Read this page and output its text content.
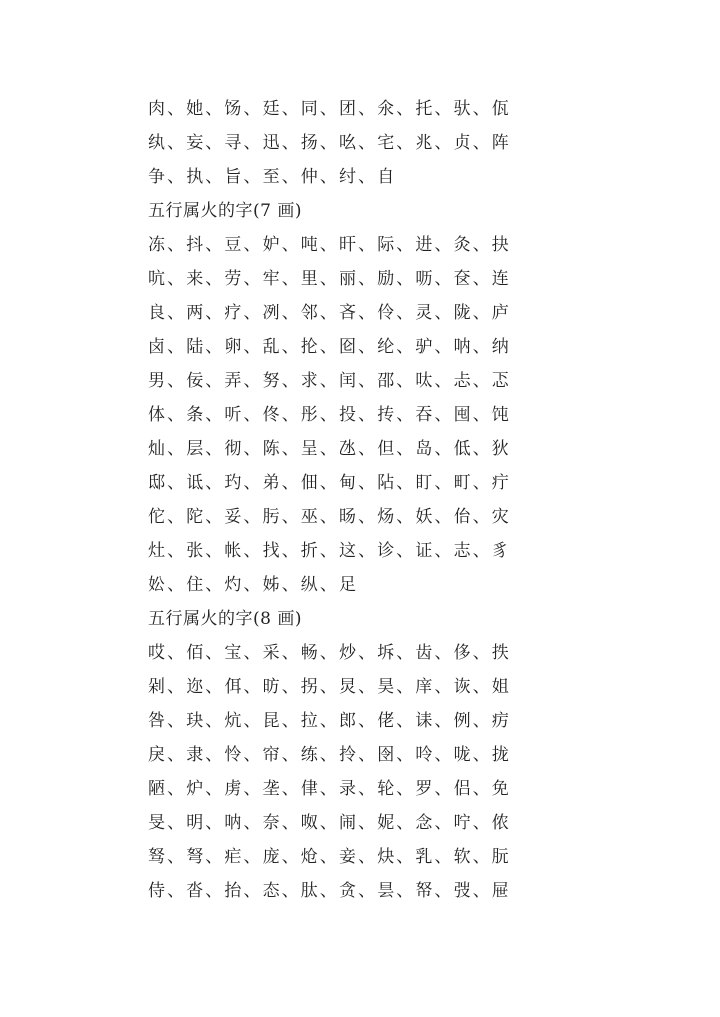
肉、她、饧、廷、同、团、氽、托、驮、佤
纨、妄、寻、迅、扬、吆、宅、兆、贞、阵
争、执、旨、至、仲、纣、自
五行属火的字(7 画)
冻、抖、豆、妒、吨、旰、际、进、灸、抉
吭、来、劳、牢、里、丽、励、呖、奁、连
良、两、疗、冽、邻、吝、伶、灵、陇、庐
卤、陆、卵、乱、抡、囵、纶、驴、呐、纳
男、佞、弄、努、求、闰、邵、呔、忐、忑
体、条、听、佟、彤、投、抟、吞、囤、饨
灿、层、彻、陈、呈、氹、但、岛、低、狄
邸、诋、玓、弟、佃、甸、阽、盯、町、疔
佗、陀、妥、肟、巫、旸、炀、妖、佁、灾
灶、张、帐、找、折、这、诊、证、志、豸
妐、住、灼、姊、纵、足
五行属火的字(8 画)
哎、佰、宝、采、畅、炒、坼、齿、侈、抶
剁、迩、佴、昉、拐、炅、昊、庠、诙、姐
咎、玦、炕、昆、拉、郎、佬、诔、例、疠
戾、隶、怜、帘、练、拎、囹、呤、咙、拢
陋、炉、虏、垄、侓、录、轮、罗、侣、免
旻、明、呐、奈、呶、闹、妮、念、咛、侬
驽、弩、疟、庞、炝、妾、炔、乳、软、朊
侍、沓、抬、态、肽、贪、昙、帑、弢、屉
